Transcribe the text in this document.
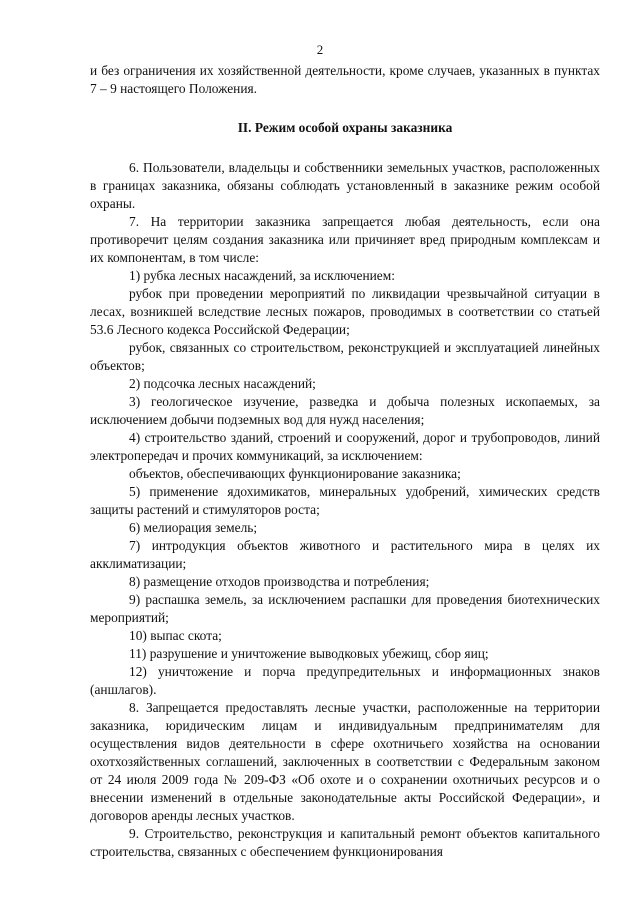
2

и без ограничения их хозяйственной деятельности, кроме случаев, указанных в пунктах 7 – 9 настоящего Положения.

II. Режим особой охраны заказника

6. Пользователи, владельцы и собственники земельных участков, расположенных в границах заказника, обязаны соблюдать установленный в заказнике режим особой охраны.

7. На территории заказника запрещается любая деятельность, если она противоречит целям создания заказника или причиняет вред природным комплексам и их компонентам, в том числе:

1) рубка лесных насаждений, за исключением:

рубок при проведении мероприятий по ликвидации чрезвычайной ситуации в лесах, возникшей вследствие лесных пожаров, проводимых в соответствии со статьей 53.6 Лесного кодекса Российской Федерации;

рубок, связанных со строительством, реконструкцией и эксплуатацией линейных объектов;

2) подсочка лесных насаждений;

3) геологическое изучение, разведка и добыча полезных ископаемых, за исключением добычи подземных вод для нужд населения;

4) строительство зданий, строений и сооружений, дорог и трубопроводов, линий электропередач и прочих коммуникаций, за исключением:

объектов, обеспечивающих функционирование заказника;

5) применение ядохимикатов, минеральных удобрений, химических средств защиты растений и стимуляторов роста;

6) мелиорация земель;

7) интродукция объектов животного и растительного мира в целях их акклиматизации;

8) размещение отходов производства и потребления;

9) распашка земель, за исключением распашки для проведения биотехнических мероприятий;

10) выпас скота;

11) разрушение и уничтожение выводковых убежищ, сбор яиц;

12) уничтожение и порча предупредительных и информационных знаков (аншлагов).

8. Запрещается предоставлять лесные участки, расположенные на территории заказника, юридическим лицам и индивидуальным предпринимателям для осуществления видов деятельности в сфере охотничьего хозяйства на основании охотхозяйственных соглашений, заключенных в соответствии с Федеральным законом от 24 июля 2009 года № 209-ФЗ «Об охоте и о сохранении охотничьих ресурсов и о внесении изменений в отдельные законодательные акты Российской Федерации», и договоров аренды лесных участков.

9. Строительство, реконструкция и капитальный ремонт объектов капитального строительства, связанных с обеспечением функционирования
